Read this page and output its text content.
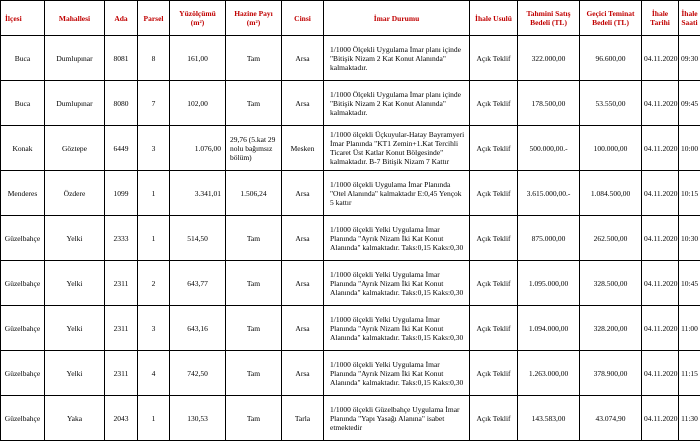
İlçesi	Mahallesi	Ada	Parsel	Yüzölçümü (m²)	Hazine Payı (m²)	Cinsi	İmar Durumu	İhale Usulü	Tahmini Satış Bedeli (TL)	Geçici Teminat Bedeli (TL)	İhale Tarihi	İhale Saati
Buca	Dumlupınar	8081	8	161,00	Tam	Arsa	1/1000 Ölçekli Uygulama İmar planı içinde "Bitişik Nizam 2 Kat Konut Alanında" kalmaktadır.	Açık Teklif	322.000,00	96.600,00	04.11.2020	09:30
Buca	Dumlupınar	8080	7	102,00	Tam	Arsa	1/1000 Ölçekli Uygulama İmar planı içinde "Bitişik Nizam 2 Kat Konut Alanında" kalmaktadır.	Açık Teklif	178.500,00	53.550,00	04.11.2020	09:45
Konak	Göztepe	6449	3	1.076,00	29,76 (5.kat 29 nolu bağımsız bölüm)	Mesken	1/1000 ölçekli Üçkuyular-Hatay Bayramyeri İmar Planında "KT1 Zemin+1.Kat Tercihli Ticaret Üst Katlar Konut Bölgesinde" kalmaktadır. B-7 Bitişik Nizam 7 Kattır	Açık Teklif	500.000,00.-	100.000,00	04.11.2020	10:00
Menderes	Özdere	1099	1	3.341,01	1.506,24	Arsa	1/1000 ölçekli Uygulama İmar Planında "Otel Alanında" kalmaktadır E:0,45 Yençok 5 kattır	Açık Teklif	3.615.000,00.-	1.084.500,00	04.11.2020	10:15
Güzelbahçe	Yelki	2333	1	514,50	Tam	Arsa	1/1000 ölçekli Yelki Uygulama İmar Planında "Ayrık Nizam İki Kat Konut Alanında" kalmaktadır. Taks:0,15 Kaks:0,30	Açık Teklif	875.000,00	262.500,00	04.11.2020	10:30
Güzelbahçe	Yelki	2311	2	643,77	Tam	Arsa	1/1000 ölçekli Yelki Uygulama İmar Planında "Ayrık Nizam İki Kat Konut Alanında" kalmaktadır. Taks:0,15 Kaks:0,30	Açık Teklif	1.095.000,00	328.500,00	04.11.2020	10:45
Güzelbahçe	Yelki	2311	3	643,16	Tam	Arsa	1/1000 ölçekli Yelki Uygulama İmar Planında "Ayrık Nizam İki Kat Konut Alanında" kalmaktadır. Taks:0,15 Kaks:0,30	Açık Teklif	1.094.000,00	328.200,00	04.11.2020	11:00
Güzelbahçe	Yelki	2311	4	742,50	Tam	Arsa	1/1000 ölçekli Yelki Uygulama İmar Planında "Ayrık Nizam İki Kat Konut Alanında" kalmaktadır. Taks:0,15 Kaks:0,30	Açık Teklif	1.263.000,00	378.900,00	04.11.2020	11:15
Güzelbahçe	Yaka	2043	1	130,53	Tam	Tarla	1/1000 ölçekli Güzelbahçe Uygulama İmar Planında "Yapı Yasağı Alanına" isabet etmektedir	Açık Teklif	143.583,00	43.074,90	04.11.2020	11:30
